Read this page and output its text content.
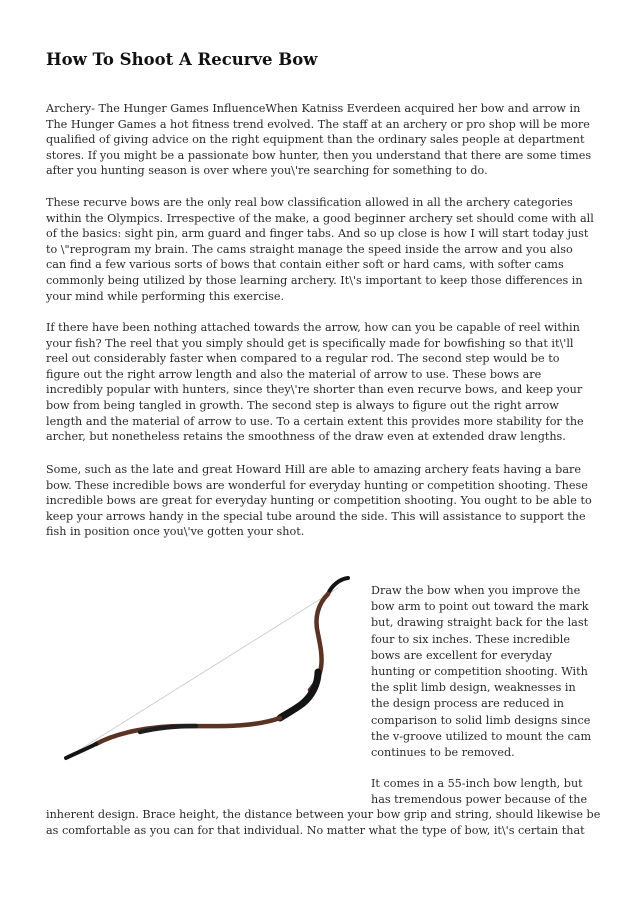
How To Shoot A Recurve Bow

Archery- The Hunger Games InfluenceWhen Katniss Everdeen acquired her bow and arrow in The Hunger Games a hot fitness trend evolved. The staff at an archery or pro shop will be more qualified of giving advice on the right equipment than the ordinary sales people at department stores. If you might be a passionate bow hunter, then you understand that there are some times after you hunting season is over where you\'re searching for something to do.

These recurve bows are the only real bow classification allowed in all the archery categories within the Olympics. Irrespective of the make, a good beginner archery set should come with all of the basics: sight pin, arm guard and finger tabs. And so up close is how I will start today just to \"reprogram my brain. The cams straight manage the speed inside the arrow and you also can find a few various sorts of bows that contain either soft or hard cams, with softer cams commonly being utilized by those learning archery. It\'s important to keep those differences in your mind while performing this exercise.

If there have been nothing attached towards the arrow, how can you be capable of reel within your fish? The reel that you simply should get is specifically made for bowfishing so that it\'ll reel out considerably faster when compared to a regular rod. The second step would be to figure out the right arrow length and also the material of arrow to use. These bows are incredibly popular with hunters, since they\'re shorter than even recurve bows, and keep your bow from being tangled in growth. The second step is always to figure out the right arrow length and the material of arrow to use. To a certain extent this provides more stability for the archer, but nonetheless retains the smoothness of the draw even at extended draw lengths.

Some, such as the late and great Howard Hill are able to amazing archery feats having a bare bow. These incredible bows are wonderful for everyday hunting or competition shooting. These incredible bows are great for everyday hunting or competition shooting. You ought to be able to keep your arrows handy in the special tube around the side. This will assistance to support the fish in position once you\'ve gotten your shot.

Draw the bow when you improve the bow arm to point out toward the mark but, drawing straight back for the last four to six inches. These incredible bows are excellent for everyday hunting or competition shooting. With the split limb design, weaknesses in the design process are reduced in comparison to solid limb designs since the v-groove utilized to mount the cam continues to be removed.

It comes in a 55-inch bow length, but has tremendous power because of the

inherent design. Brace height, the distance between your bow grip and string, should likewise be as comfortable as you can for that individual. No matter what the type of bow, it\'s certain that
